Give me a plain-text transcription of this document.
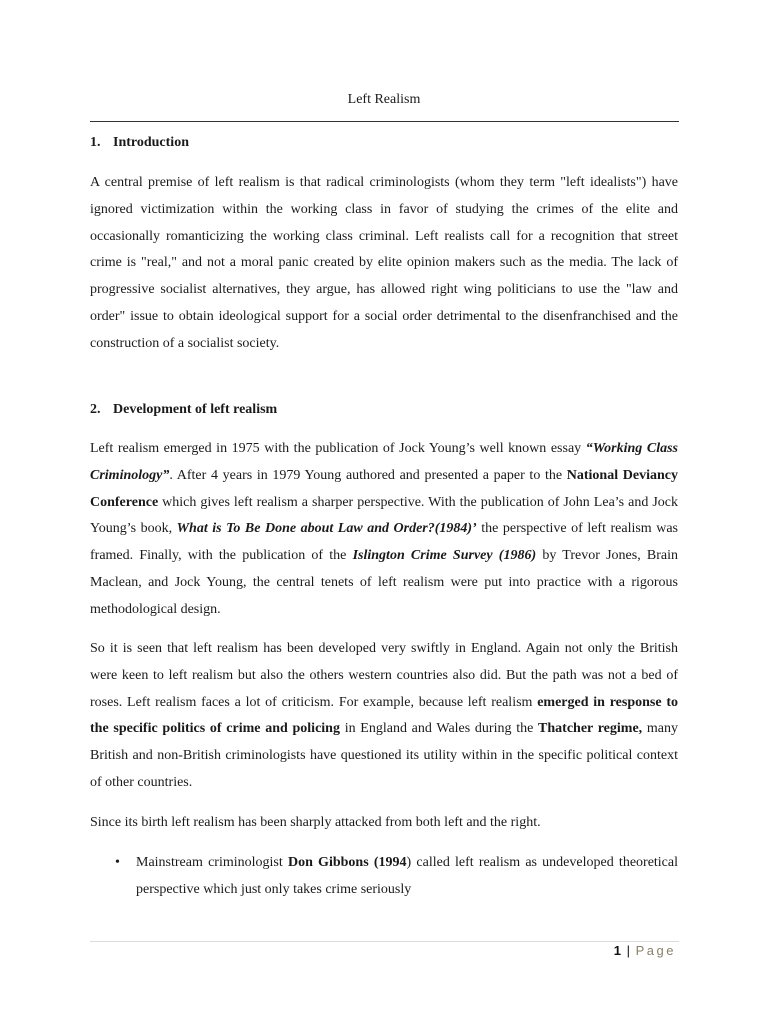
Left Realism
1. Introduction

A central premise of left realism is that radical criminologists (whom they term "left idealists") have ignored victimization within the working class in favor of studying the crimes of the elite and occasionally romanticizing the working class criminal. Left realists call for a recognition that street crime is "real," and not a moral panic created by elite opinion makers such as the media. The lack of progressive socialist alternatives, they argue, has allowed right wing politicians to use the "law and order" issue to obtain ideological support for a social order detrimental to the disenfranchised and the construction of a socialist society.

2. Development of left realism

Left realism emerged in 1975 with the publication of Jock Young’s well known essay “Working Class Criminology”. After 4 years in 1979 Young authored and presented a paper to the National Deviancy Conference which gives left realism a sharper perspective. With the publication of John Lea’s and Jock Young’s book, What is To Be Done about Law and Order?(1984)’ the perspective of left realism was framed. Finally, with the publication of the Islington Crime Survey (1986) by Trevor Jones, Brain Maclean, and Jock Young, the central tenets of left realism were put into practice with a rigorous methodological design.

So it is seen that left realism has been developed very swiftly in England. Again not only the British were keen to left realism but also the others western countries also did. But the path was not a bed of roses. Left realism faces a lot of criticism. For example, because left realism emerged in response to the specific politics of crime and policing in England and Wales during the Thatcher regime, many British and non-British criminologists have questioned its utility within in the specific political context of other countries.

Since its birth left realism has been sharply attacked from both left and the right.

• Mainstream criminologist Don Gibbons (1994) called left realism as undeveloped theoretical perspective which just only takes crime seriously
1 | Page
